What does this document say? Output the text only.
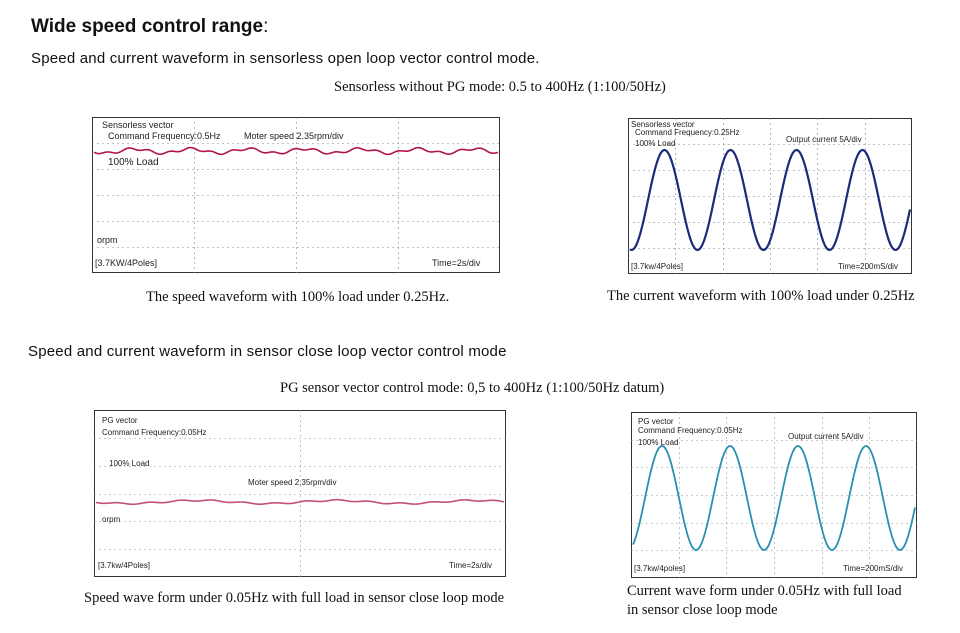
Wide speed control range:
Speed and current waveform in sensorless open loop vector control mode.
Sensorless without PG mode: 0.5 to 400Hz (1:100/50Hz)
Sensorless vector
Command Frequency:0.5Hz	Moter speed 2.35rpm/div
100% Load
orpm
[3.7KW/4Poles]	Time=2s/div
Sensorless vector
Command Frequency:0.25Hz
100% Load	Output current 5A/div
[3.7kw/4Poles]	Time=200mS/div
The speed waveform with 100% load under 0.25Hz.	The current waveform with 100% load under 0.25Hz
Speed and current waveform in sensor close loop vector control mode
PG sensor vector control mode: 0,5 to 400Hz (1:100/50Hz datum)
PG vector
Command Frequency:0.05Hz
100% Load
Moter speed 2.35rpm/div
orpm
[3.7kw/4Poles]	Time=2s/div
PG vector
Command Frequency:0.05Hz
100% Load
Output current 5A/div
[3.7kw/4poles]	Time=200mS/div
Speed wave form under 0.05Hz with full load in sensor close loop mode	Current wave form under 0.05Hz with full load
in sensor close loop mode
